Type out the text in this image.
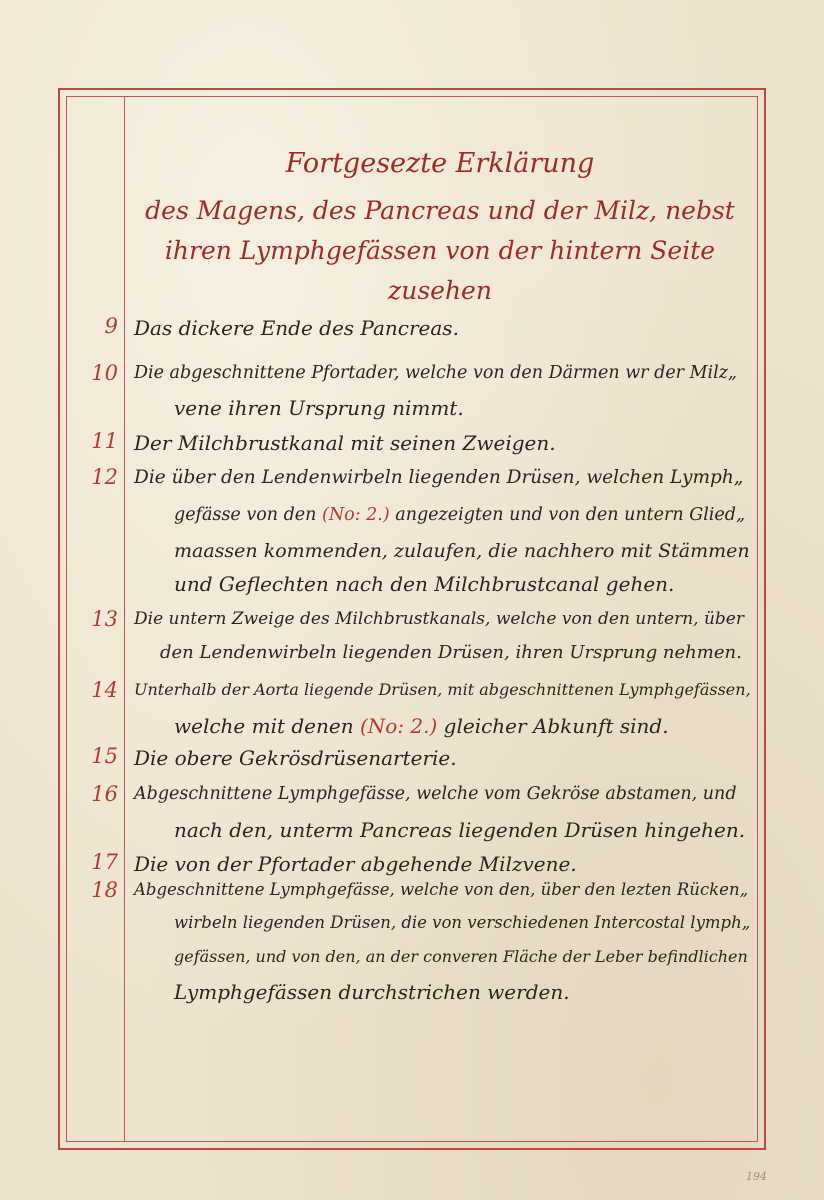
Fortgesezte Erklärung
des Magens, des Pancreas und der Milz, nebst
ihren Lymphgefässen von der hintern Seite
zusehen
9 Das dickere Ende des Pancreas.
10 Die abgeschnittene Pfortader, welche von den Därmen wr der Milz„
vene ihren Ursprung nimmt.
11 Der Milchbrustkanal mit seinen Zweigen.
12 Die über den Lendenwirbeln liegenden Drüsen, welchen Lymph„
gefässe von den (No: 2.) angezeigten und von den untern Glied„
maassen kommenden, zulaufen, die nachhero mit Stämmen
und Geflechten nach den Milchbrustcanal gehen.
13 Die untern Zweige des Milchbrustkanals, welche von den untern, über
den Lendenwirbeln liegenden Drüsen, ihren Ursprung nehmen.
14	Unterhalb der Aorta liegende Drüsen, mit abgeschnittenen Lymphgefässen,
welche mit denen (No: 2.) gleicher Abkunft sind.
15 Die obere Gekrösdrüsenarterie.
16 Abgeschnittene Lymphgefässe, welche vom Gekröse abstamen, und
nach den, unterm Pancreas liegenden Drüsen hingehen.
17 Die von der Pfortader abgehende Milzvene.
18 Abgeschnittene Lymphgefässe, welche von den, über den lezten Rücken„
wirbeln liegenden Drüsen, die von verschiedenen Intercostal lymph„
gefässen, und von den, an der converen Fläche der Leber befindlichen
Lymphgefässen durchstrichen werden.
194
